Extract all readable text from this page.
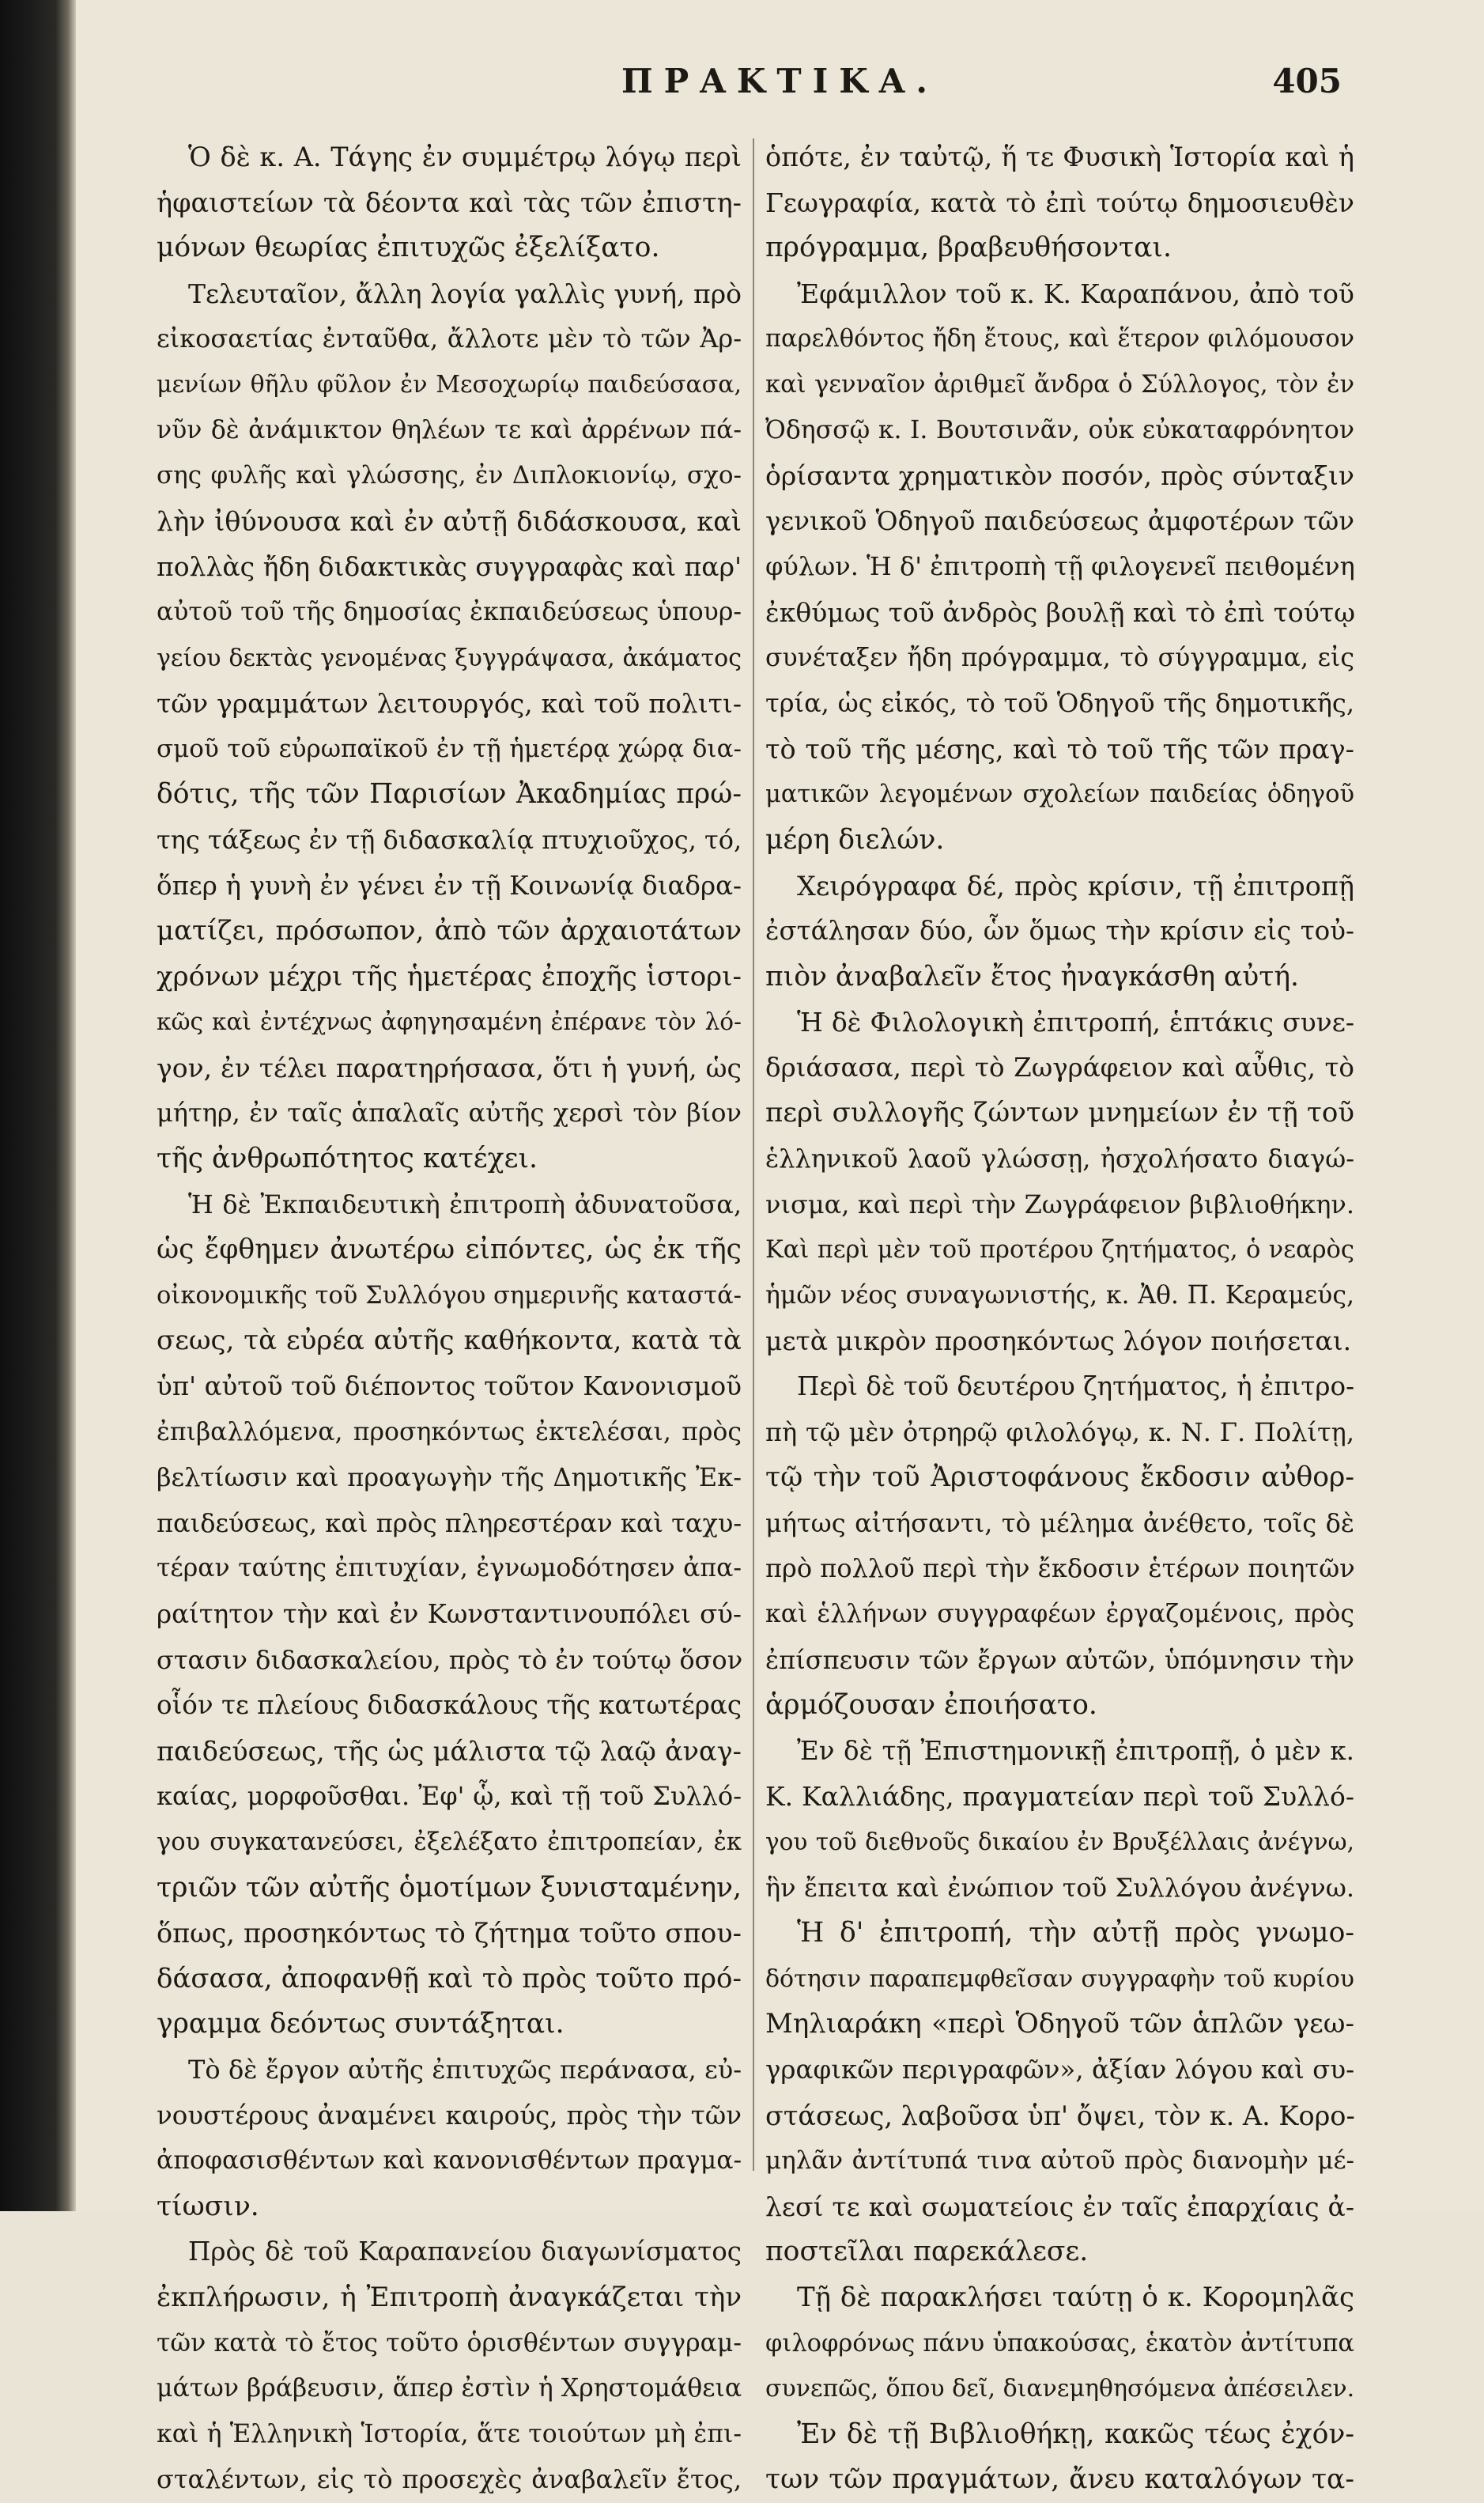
ΠΡΑΚΤΙΚΑ.	405
Ὁ δὲ κ. Α. Τάγης ἐν συμμέτρῳ λόγῳ περὶ
ἡφαιστείων τὰ δέοντα καὶ τὰς τῶν ἐπιστη-
μόνων θεωρίας ἐπιτυχῶς ἐξελίξατο.
Τελευταῖον, ἄλλη λογία γαλλὶς γυνή, πρὸ
εἰκοσαετίας ἐνταῦθα, ἄλλοτε μὲν τὸ τῶν Ἀρ-
μενίων θῆλυ φῦλον ἐν Μεσοχωρίῳ παιδεύσασα,
νῦν δὲ ἀνάμικτον θηλέων τε καὶ ἀρρένων πά-
σης φυλῆς καὶ γλώσσης, ἐν Διπλοκιονίῳ, σχο-
λὴν ἰθύνουσα καὶ ἐν αὐτῇ διδάσκουσα, καὶ
πολλὰς ἤδη διδακτικὰς συγγραφὰς καὶ παρ'
αὐτοῦ τοῦ τῆς δημοσίας ἐκπαιδεύσεως ὑπουρ-
γείου δεκτὰς γενομένας ξυγγράψασα, ἀκάματος
τῶν γραμμάτων λειτουργός, καὶ τοῦ πολιτι-
σμοῦ τοῦ εὐρωπαϊκοῦ ἐν τῇ ἡμετέρᾳ χώρᾳ δια-
δότις, τῆς τῶν Παρισίων Ἀκαδημίας πρώ-
της τάξεως ἐν τῇ διδασκαλίᾳ πτυχιοῦχος, τό,
ὅπερ ἡ γυνὴ ἐν γένει ἐν τῇ Κοινωνίᾳ διαδρα-
ματίζει, πρόσωπον, ἀπὸ τῶν ἀρχαιοτάτων
χρόνων μέχρι τῆς ἡμετέρας ἐποχῆς ἱστορι-
κῶς καὶ ἐντέχνως ἀφηγησαμένη ἐπέρανε τὸν λό-
γον, ἐν τέλει παρατηρήσασα, ὅτι ἡ γυνή, ὡς
μήτηρ, ἐν ταῖς ἁπαλαῖς αὐτῆς χερσὶ τὸν βίον
τῆς ἀνθρωπότητος κατέχει.
Ἡ δὲ Ἐκπαιδευτικὴ ἐπιτροπὴ ἀδυνατοῦσα,
ὡς ἔφθημεν ἀνωτέρω εἰπόντες, ὡς ἐκ τῆς
οἰκονομικῆς τοῦ Συλλόγου σημερινῆς καταστά-
σεως, τὰ εὐρέα αὐτῆς καθήκοντα, κατὰ τὰ
ὑπ' αὐτοῦ τοῦ διέποντος τοῦτον Κανονισμοῦ
ἐπιβαλλόμενα, προσηκόντως ἐκτελέσαι, πρὸς
βελτίωσιν καὶ προαγωγὴν τῆς Δημοτικῆς Ἐκ-
παιδεύσεως, καὶ πρὸς πληρεστέραν καὶ ταχυ-
τέραν ταύτης ἐπιτυχίαν, ἐγνωμοδότησεν ἀπα-
ραίτητον τὴν καὶ ἐν Κωνσταντινουπόλει σύ-
στασιν διδασκαλείου, πρὸς τὸ ἐν τούτῳ ὅσον
οἷόν τε πλείους διδασκάλους τῆς κατωτέρας
παιδεύσεως, τῆς ὡς μάλιστα τῷ λαῷ ἀναγ-
καίας, μορφοῦσθαι. Ἐφ' ᾧ, καὶ τῇ τοῦ Συλλό-
γου συγκατανεύσει, ἐξελέξατο ἐπιτροπείαν, ἐκ
τριῶν τῶν αὐτῆς ὁμοτίμων ξυνισταμένην,
ὅπως, προσηκόντως τὸ ζήτημα τοῦτο σπου-
δάσασα, ἀποφανθῇ καὶ τὸ πρὸς τοῦτο πρό-
γραμμα δεόντως συντάξηται.
Τὸ δὲ ἔργον αὐτῆς ἐπιτυχῶς περάνασα, εὐ-
νουστέρους ἀναμένει καιρούς, πρὸς τὴν τῶν
ἀποφασισθέντων καὶ κανονισθέντων πραγμα-
τίωσιν.
Πρὸς δὲ τοῦ Καραπανείου διαγωνίσματος
ἐκπλήρωσιν, ἡ Ἐπιτροπὴ ἀναγκάζεται τὴν
τῶν κατὰ τὸ ἔτος τοῦτο ὁρισθέντων συγγραμ-
μάτων βράβευσιν, ἅπερ ἐστὶν ἡ Χρηστομάθεια
καὶ ἡ Ἑλληνικὴ Ἱστορία, ἅτε τοιούτων μὴ ἐπι-
σταλέντων, εἰς τὸ προσεχὲς ἀναβαλεῖν ἔτος,
ὁπότε, ἐν ταὐτῷ, ἥ τε Φυσικὴ Ἱστορία καὶ ἡ
Γεωγραφία, κατὰ τὸ ἐπὶ τούτῳ δημοσιευθὲν
πρόγραμμα, βραβευθήσονται.
Ἐφάμιλλον τοῦ κ. Κ. Καραπάνου, ἀπὸ τοῦ
παρελθόντος ἤδη ἔτους, καὶ ἕτερον φιλόμουσον
καὶ γενναῖον ἀριθμεῖ ἄνδρα ὁ Σύλλογος, τὸν ἐν
Ὀδησσῷ κ. Ι. Βουτσινᾶν, οὐκ εὐκαταφρόνητον
ὁρίσαντα χρηματικὸν ποσόν, πρὸς σύνταξιν
γενικοῦ Ὁδηγοῦ παιδεύσεως ἀμφοτέρων τῶν
φύλων. Ἡ δ' ἐπιτροπὴ τῇ φιλογενεῖ πειθομένη
ἐκθύμως τοῦ ἀνδρὸς βουλῇ καὶ τὸ ἐπὶ τούτῳ
συνέταξεν ἤδη πρόγραμμα, τὸ σύγγραμμα, εἰς
τρία, ὡς εἰκός, τὸ τοῦ Ὁδηγοῦ τῆς δημοτικῆς,
τὸ τοῦ τῆς μέσης, καὶ τὸ τοῦ τῆς τῶν πραγ-
ματικῶν λεγομένων σχολείων παιδείας ὁδηγοῦ
μέρη διελών.
Χειρόγραφα δέ, πρὸς κρίσιν, τῇ ἐπιτροπῇ
ἐστάλησαν δύο, ὧν ὅμως τὴν κρίσιν εἰς τοὐ-
πιὸν ἀναβαλεῖν ἔτος ἠναγκάσθη αὐτή.
Ἡ δὲ Φιλολογικὴ ἐπιτροπή, ἑπτάκις συνε-
δριάσασα, περὶ τὸ Ζωγράφειον καὶ αὖθις, τὸ
περὶ συλλογῆς ζώντων μνημείων ἐν τῇ τοῦ
ἑλληνικοῦ λαοῦ γλώσσῃ, ἠσχολήσατο διαγώ-
νισμα, καὶ περὶ τὴν Ζωγράφειον βιβλιοθήκην.
Καὶ περὶ μὲν τοῦ προτέρου ζητήματος, ὁ νεαρὸς
ἡμῶν νέος συναγωνιστής, κ. Ἀθ. Π. Κεραμεύς,
μετὰ μικρὸν προσηκόντως λόγον ποιήσεται.
Περὶ δὲ τοῦ δευτέρου ζητήματος, ἡ ἐπιτρο-
πὴ τῷ μὲν ὀτρηρῷ φιλολόγῳ, κ. Ν. Γ. Πολίτῃ,
τῷ τὴν τοῦ Ἀριστοφάνους ἔκδοσιν αὐθορ-
μήτως αἰτήσαντι, τὸ μέλημα ἀνέθετο, τοῖς δὲ
πρὸ πολλοῦ περὶ τὴν ἔκδοσιν ἑτέρων ποιητῶν
καὶ ἑλλήνων συγγραφέων ἐργαζομένοις, πρὸς
ἐπίσπευσιν τῶν ἔργων αὐτῶν, ὑπόμνησιν τὴν
ἁρμόζουσαν ἐποιήσατο.
Ἐν δὲ τῇ Ἐπιστημονικῇ ἐπιτροπῇ, ὁ μὲν κ.
Κ. Καλλιάδης, πραγματείαν περὶ τοῦ Συλλό-
γου τοῦ διεθνοῦς δικαίου ἐν Βρυξέλλαις ἀνέγνω,
ἣν ἔπειτα καὶ ἐνώπιον τοῦ Συλλόγου ἀνέγνω.
Ἡ δ' ἐπιτροπή, τὴν αὐτῇ πρὸς γνωμο-
δότησιν παραπεμφθεῖσαν συγγραφὴν τοῦ κυρίου
Μηλιαράκη «περὶ Ὁδηγοῦ τῶν ἁπλῶν γεω-
γραφικῶν περιγραφῶν», ἀξίαν λόγου καὶ συ-
στάσεως, λαβοῦσα ὑπ' ὄψει, τὸν κ. Α. Κορο-
μηλᾶν ἀντίτυπά τινα αὐτοῦ πρὸς διανομὴν μέ-
λεσί τε καὶ σωματείοις ἐν ταῖς ἐπαρχίαις ἀ-
ποστεῖλαι παρεκάλεσε.
Τῇ δὲ παρακλήσει ταύτῃ ὁ κ. Κορομηλᾶς
φιλοφρόνως πάνυ ὑπακούσας, ἑκατὸν ἀντίτυπα
συνεπῶς, ὅπου δεῖ, διανεμηθησόμενα ἀπέσειλεν.
Ἐν δὲ τῇ Βιβλιοθήκῃ, κακῶς τέως ἐχόν-
των τῶν πραγμάτων, ἄνευ καταλόγων τα-
